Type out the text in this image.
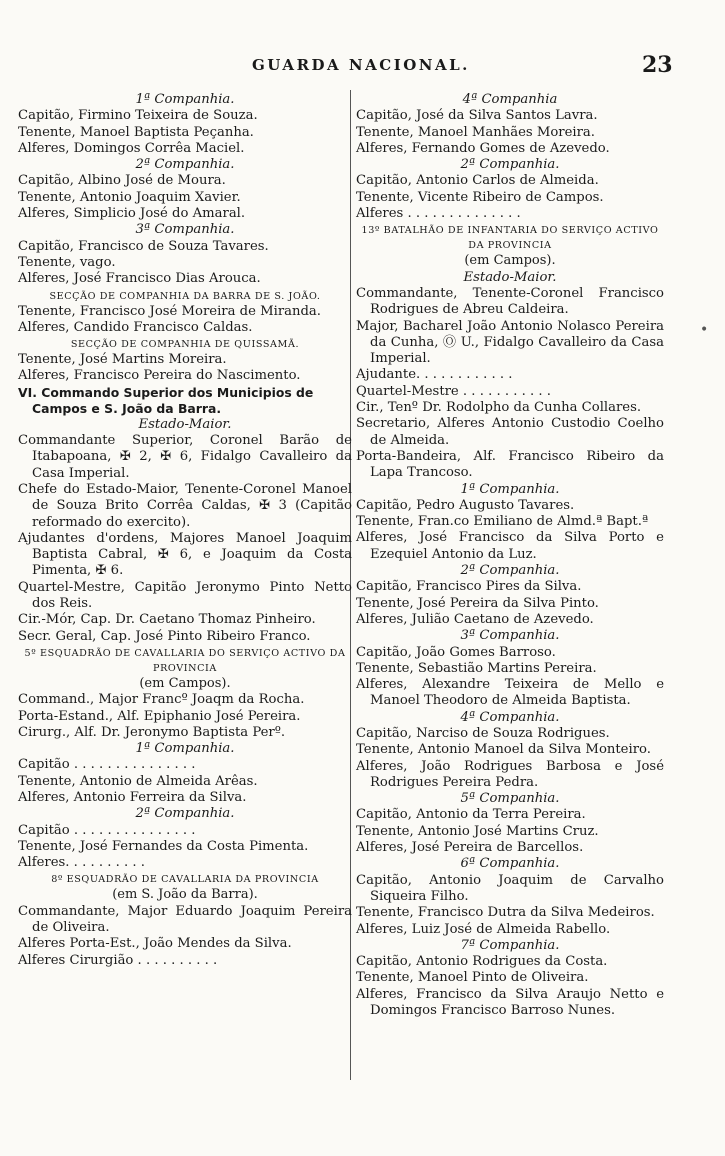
GUARDA NACIONAL.	23
1ª Companhia.
Capitão, Firmino Teixeira de Souza.
Tenente, Manoel Baptista Peçanha.
Alferes, Domingos Corrêa Maciel.
2ª Companhia.
Capitão, Albino José de Moura.
Tenente, Antonio Joaquim Xavier.
Alferes, Simplicio José do Amaral.
3ª Companhia.
Capitão, Francisco de Souza Tavares.
Tenente, vago.
Alferes, José Francisco Dias Arouca.
SECÇÃO DE COMPANHIA DA BARRA DE S. JOÃO.
Tenente, Francisco José Moreira de Miranda.
Alferes, Candido Francisco Caldas.
SECÇÃO DE COMPANHIA DE QUISSAMÃ.
Tenente, José Martins Moreira.
Alferes, Francisco Pereira do Nascimento.
VI. Commando Superior dos Municipios de Campos e S. João da Barra.
Estado-Maior.
Commandante Superior, Coronel Barão de Itabapoana, ✠ 2, ✠ 6, Fidalgo Cavalleiro da Casa Imperial.
Chefe do Estado-Maior, Tenente-Coronel Manoel de Souza Brito Corrêa Caldas, ✠ 3 (Capitão reformado do exercito).
Ajudantes d'ordens, Majores Manoel Joaquim Baptista Cabral, ✠ 6, e Joaquim da Costa Pimenta, ✠ 6.
Quartel-Mestre, Capitão Jeronymo Pinto Netto dos Reis.
Cir.-Mór, Cap. Dr. Caetano Thomaz Pinheiro.
Secr. Geral, Cap. José Pinto Ribeiro Franco.
5º ESQUADRÃO DE CAVALLARIA DO SERVIÇO ACTIVO DA PROVINCIA
(em Campos).
Command., Major Francº Joaqm da Rocha.
Porta-Estand., Alf. Epiphanio José Pereira.
Cirurg., Alf. Dr. Jeronymo Baptista Perº.
1ª Companhia.
Capitão . . . . . . . . . . . . . . .
Tenente, Antonio de Almeida Arêas.
Alferes, Antonio Ferreira da Silva.
2ª Companhia.
Capitão . . . . . . . . . . . . . . .
Tenente, José Fernandes da Costa Pimenta.
Alferes. . . . . . . . . .
8º ESQUADRÃO DE CAVALLARIA DA PROVINCIA
(em S. João da Barra).
Commandante, Major Eduardo Joaquim Pereira de Oliveira.
Alferes Porta-Est., João Mendes da Silva.
Alferes Cirurgião . . . . . . . . . .
4ª Companhia
Capitão, José da Silva Santos Lavra.
Tenente, Manoel Manhães Moreira.
Alferes, Fernando Gomes de Azevedo.
2ª Companhia.
Capitão, Antonio Carlos de Almeida.
Tenente, Vicente Ribeiro de Campos.
Alferes . . . . . . . . . . . . . .
13º BATALHÃO DE INFANTARIA DO SERVIÇO ACTIVO DA PROVINCIA
(em Campos).
Estado-Maior.
Commandante, Tenente-Coronel Francisco Rodrigues de Abreu Caldeira.
Major, Bacharel João Antonio Nolasco Pereira da Cunha, Ⓞ U., Fidalgo Cavalleiro da Casa Imperial.
Ajudante. . . . . . . . . . . .
Quartel-Mestre . . . . . . . . . . .
Cir., Tenº Dr. Rodolpho da Cunha Collares.
Secretario, Alferes Antonio Custodio Coelho de Almeida.
Porta-Bandeira, Alf. Francisco Ribeiro da Lapa Trancoso.
1ª Companhia.
Capitão, Pedro Augusto Tavares.
Tenente, Fran.co Emiliano de Almd.ª Bapt.ª
Alferes, José Francisco da Silva Porto e Ezequiel Antonio da Luz.
2ª Companhia.
Capitão, Francisco Pires da Silva.
Tenente, José Pereira da Silva Pinto.
Alferes, Julião Caetano de Azevedo.
3ª Companhia.
Capitão, João Gomes Barroso.
Tenente, Sebastião Martins Pereira.
Alferes, Alexandre Teixeira de Mello e Manoel Theodoro de Almeida Baptista.
4ª Companhia.
Capitão, Narciso de Souza Rodrigues.
Tenente, Antonio Manoel da Silva Monteiro.
Alferes, João Rodrigues Barbosa e José Rodrigues Pereira Pedra.
5ª Companhia.
Capitão, Antonio da Terra Pereira.
Tenente, Antonio José Martins Cruz.
Alferes, José Pereira de Barcellos.
6ª Companhia.
Capitão, Antonio Joaquim de Carvalho Siqueira Filho.
Tenente, Francisco Dutra da Silva Medeiros.
Alferes, Luiz José de Almeida Rabello.
7ª Companhia.
Capitão, Antonio Rodrigues da Costa.
Tenente, Manoel Pinto de Oliveira.
Alferes, Francisco da Silva Araujo Netto e Domingos Francisco Barroso Nunes.
•
